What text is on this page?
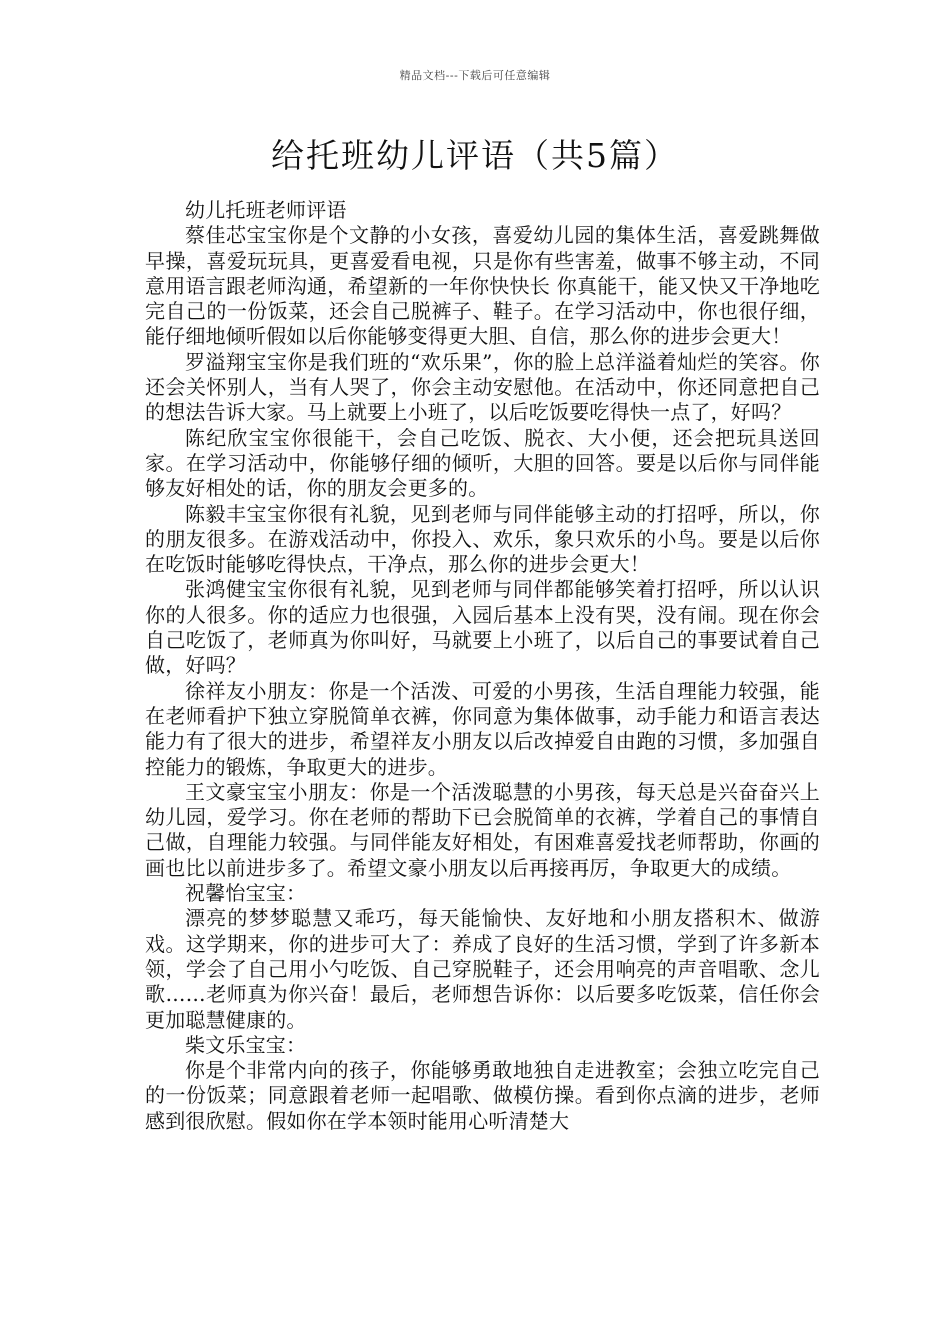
精品文档---下载后可任意编辑
给托班幼儿评语（共5篇）

幼儿托班老师评语

蔡佳芯宝宝你是个文静的小女孩，喜爱幼儿园的集体生活，喜爱跳舞做早操，喜爱玩玩具，更喜爱看电视，只是你有些害羞，做事不够主动，不同意用语言跟老师沟通，希望新的一年你快快长 你真能干，能又快又干净地吃完自己的一份饭菜，还会自己脱裤子、鞋子。在学习活动中，你也很仔细，能仔细地倾听假如以后你能够变得更大胆、自信，那么你的进步会更大！

罗溢翔宝宝你是我们班的“欢乐果”，你的脸上总洋溢着灿烂的笑容。你还会关怀别人，当有人哭了，你会主动安慰他。在活动中，你还同意把自己的想法告诉大家。马上就要上小班了，以后吃饭要吃得快一点了，好吗？

陈纪欣宝宝你很能干，会自己吃饭、脱衣、大小便，还会把玩具送回家。在学习活动中，你能够仔细的倾听，大胆的回答。要是以后你与同伴能够友好相处的话，你的朋友会更多的。

陈毅丰宝宝你很有礼貌，见到老师与同伴能够主动的打招呼，所以，你的朋友很多。在游戏活动中，你投入、欢乐，象只欢乐的小鸟。要是以后你在吃饭时能够吃得快点，干净点，那么你的进步会更大！

张鸿健宝宝你很有礼貌，见到老师与同伴都能够笑着打招呼，所以认识你的人很多。你的适应力也很强，入园后基本上没有哭，没有闹。现在你会自己吃饭了，老师真为你叫好，马就要上小班了，以后自己的事要试着自己做，好吗？

徐祥友小朋友：你是一个活泼、可爱的小男孩，生活自理能力较强，能在老师看护下独立穿脱简单衣裤，你同意为集体做事，动手能力和语言表达能力有了很大的进步，希望祥友小朋友以后改掉爱自由跑的习惯，多加强自控能力的锻炼，争取更大的进步。

王文豪宝宝小朋友：你是一个活泼聪慧的小男孩，每天总是兴奋奋兴上幼儿园，爱学习。你在老师的帮助下已会脱简单的衣裤，学着自己的事情自己做，自理能力较强。与同伴能友好相处，有困难喜爱找老师帮助，你画的画也比以前进步多了。希望文豪小朋友以后再接再厉，争取更大的成绩。

祝馨怡宝宝：

漂亮的梦梦聪慧又乖巧，每天能愉快、友好地和小朋友搭积木、做游戏。这学期来，你的进步可大了：养成了良好的生活习惯，学到了许多新本领，学会了自己用小勺吃饭、自己穿脱鞋子，还会用响亮的声音唱歌、念儿歌……老师真为你兴奋！最后，老师想告诉你：以后要多吃饭菜，信任你会更加聪慧健康的。

柴文乐宝宝：

你是个非常内向的孩子，你能够勇敢地独自走进教室；会独立吃完自己的一份饭菜；同意跟着老师一起唱歌、做模仿操。看到你点滴的进步，老师感到很欣慰。假如你在学本领时能用心听清楚大
